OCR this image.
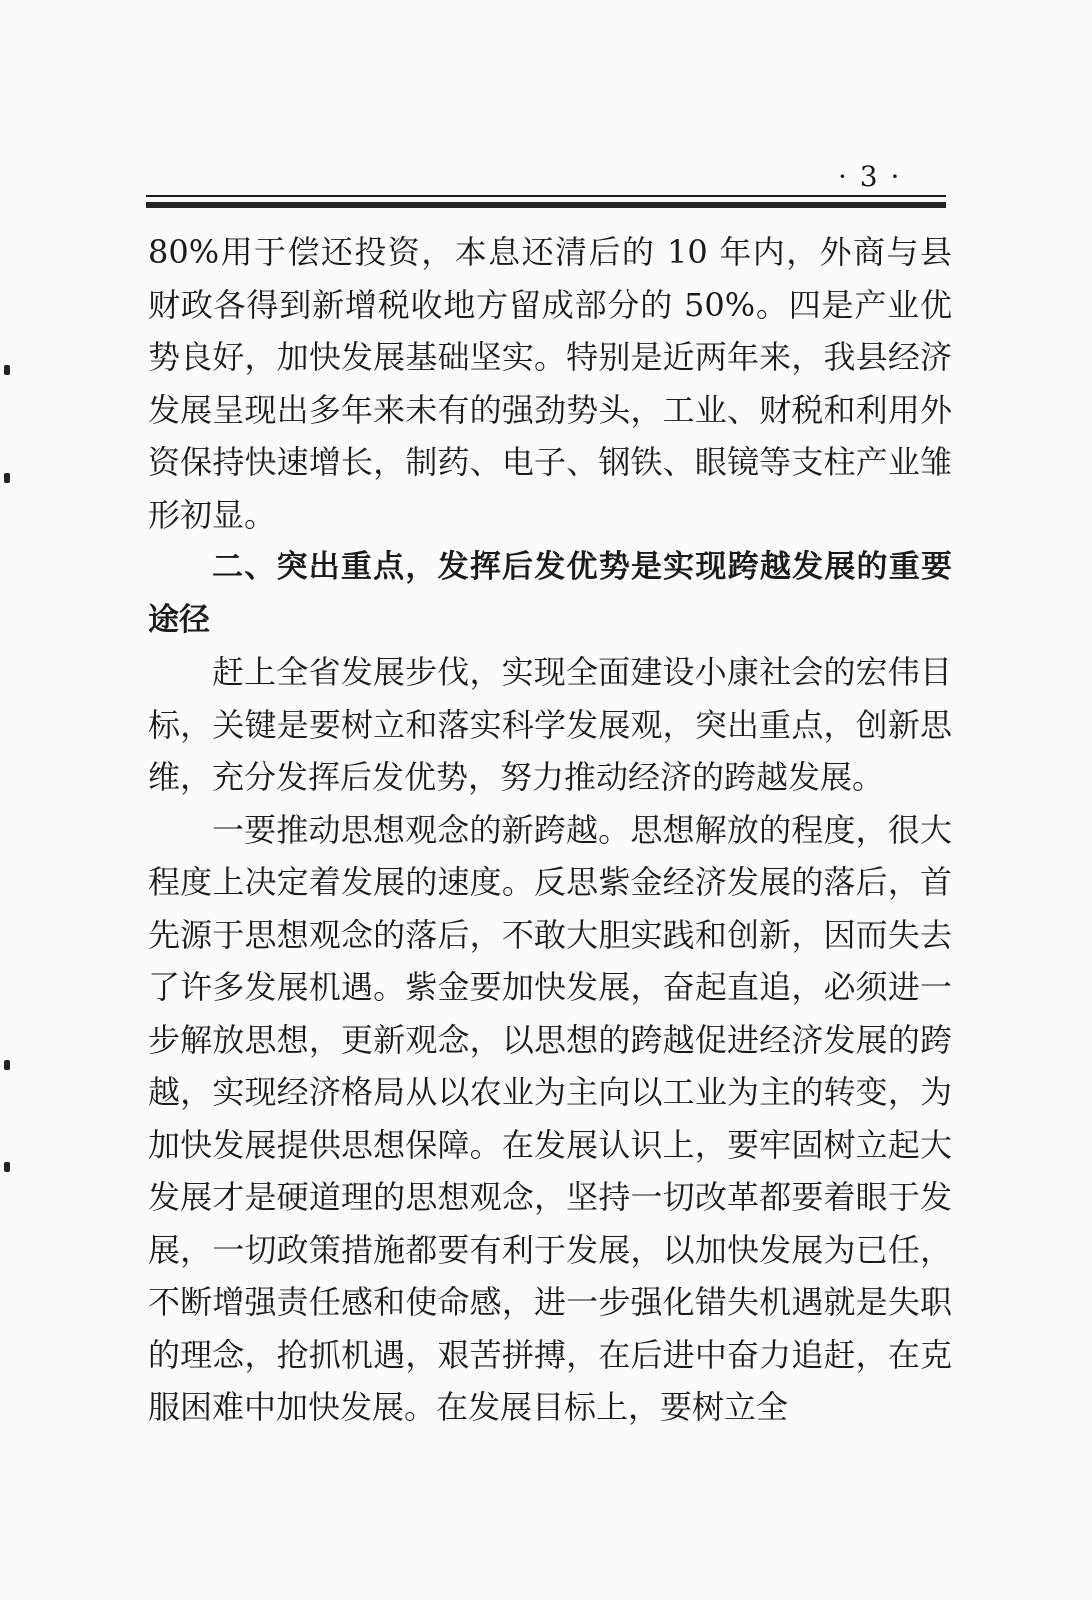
· 3 ·

80%用于偿还投资，本息还清后的 10 年内，外商与县财政各得到新增税收地方留成部分的 50%。四是产业优势良好，加快发展基础坚实。特别是近两年来，我县经济发展呈现出多年来未有的强劲势头，工业、财税和利用外资保持快速增长，制药、电子、钢铁、眼镜等支柱产业雏形初显。

二、突出重点，发挥后发优势是实现跨越发展的重要途径

赶上全省发展步伐，实现全面建设小康社会的宏伟目标，关键是要树立和落实科学发展观，突出重点，创新思维，充分发挥后发优势，努力推动经济的跨越发展。

一要推动思想观念的新跨越。思想解放的程度，很大程度上决定着发展的速度。反思紫金经济发展的落后，首先源于思想观念的落后，不敢大胆实践和创新，因而失去了许多发展机遇。紫金要加快发展，奋起直追，必须进一步解放思想，更新观念，以思想的跨越促进经济发展的跨越，实现经济格局从以农业为主向以工业为主的转变，为加快发展提供思想保障。在发展认识上，要牢固树立起大发展才是硬道理的思想观念，坚持一切改革都要着眼于发展，一切政策措施都要有利于发展，以加快发展为已任，不断增强责任感和使命感，进一步强化错失机遇就是失职的理念，抢抓机遇，艰苦拼搏，在后进中奋力追赶，在克服困难中加快发展。在发展目标上，要树立全
